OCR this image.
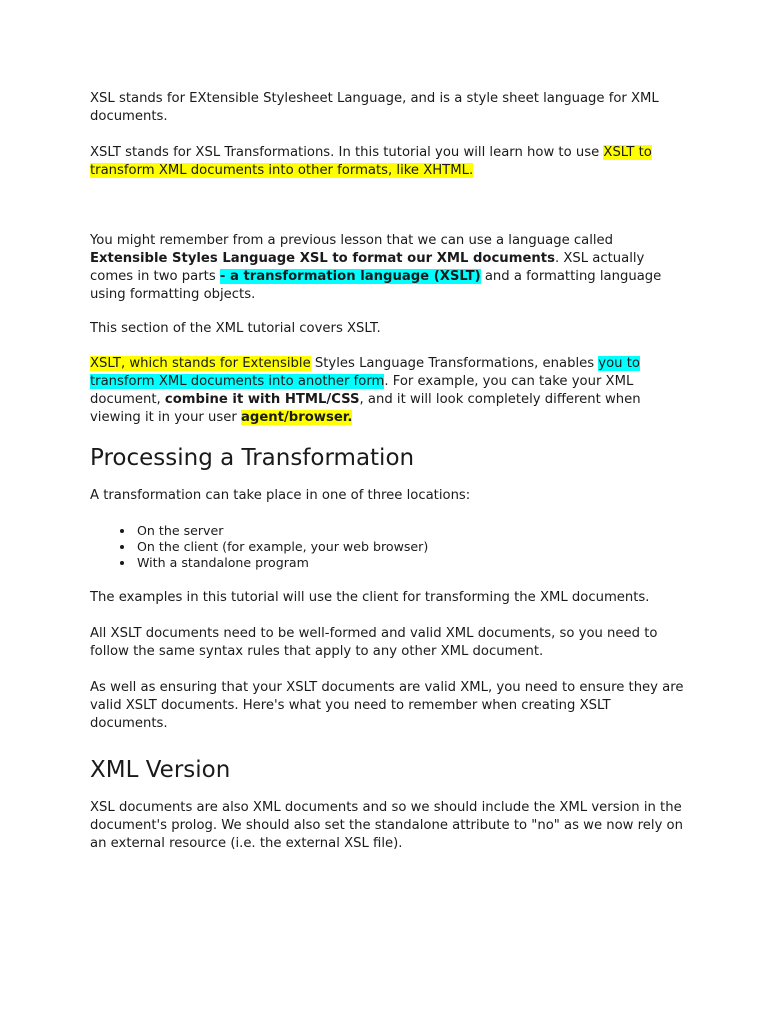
XSL stands for EXtensible Stylesheet Language, and is a style sheet language for XML documents.

XSLT stands for XSL Transformations. In this tutorial you will learn how to use XSLT to transform XML documents into other formats, like XHTML.

You might remember from a previous lesson that we can use a language called Extensible Styles Language XSL to format our XML documents. XSL actually comes in two parts - a transformation language (XSLT) and a formatting language using formatting objects.

This section of the XML tutorial covers XSLT.

XSLT, which stands for Extensible Styles Language Transformations, enables you to transform XML documents into another form. For example, you can take your XML document, combine it with HTML/CSS, and it will look completely different when viewing it in your user agent/browser.

Processing a Transformation

A transformation can take place in one of three locations:

• On the server
• On the client (for example, your web browser)
• With a standalone program

The examples in this tutorial will use the client for transforming the XML documents.

All XSLT documents need to be well-formed and valid XML documents, so you need to follow the same syntax rules that apply to any other XML document.

As well as ensuring that your XSLT documents are valid XML, you need to ensure they are valid XSLT documents. Here's what you need to remember when creating XSLT documents.

XML Version

XSL documents are also XML documents and so we should include the XML version in the document's prolog. We should also set the standalone attribute to "no" as we now rely on an external resource (i.e. the external XSL file).
